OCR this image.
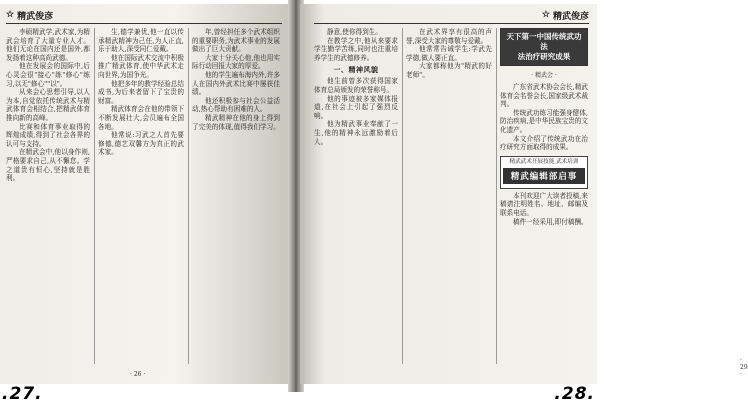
☆ 精武俊彦

李硕精武学,武术家,为精武会培育了大量专业人才。他们无论在国内还是国外,都发扬着这种高尚武德。

他在发展会的国际中,后心灵会很"接心"练"修心"练习,以无"修心""以"。

从来会心思想引导,以人为本,自觉依托传统武术与精武体育会相结合,把精武体育推向新的高峰。

比赛和体育事业取得的辉煌成绩,得到了社会各界的认可与支持。

在精武会中,他以身作则,严格要求自己,从不懈怠。学之道贵有恒心,坚持就是胜利。

生,德学兼优,他一直以传承精武精神为己任,为人正直,乐于助人,深受同仁爱戴。

他在国际武术交流中积极推广精武体育,使中华武术走向世界,为国争光。

他把多年的教学经验总结成书,为后来者留下了宝贵的财富。

精武体育会在他的带领下不断发展壮大,会员遍布全国各地。

他常说:习武之人首先要修德,德艺双馨方为真正的武术家。

年,曾经担任多个武术组织的重要职务,为武术事业的发展做出了巨大贡献。

大家十分关心他,他也用实际行动回报大家的厚爱。

他的学生遍布海内外,许多人在国内外武术比赛中屡获佳绩。

他还积极参与社会公益活动,热心帮助有困难的人。

精武精神在他的身上得到了完美的体现,值得我们学习。

· 26 ·
☆ 精武俊彦

静意,使你得到生。

在教学之中,他从来要求学生勤学苦练,同时也注重培养学生的武德修养。

一、精神风貌

他生前曾多次获得国家体育总局颁发的荣誉称号。

他的事迹被多家媒体报道,在社会上引起了强烈反响。

他为精武事业奉献了一生,他的精神永远激励着后人。

在武术界享有很高的声誉,深受大家的尊敬与爱戴。

他常常告诫学生:学武先学德,做人要正直。

大家都称他为"精武的好老师"。

天下第一中国传统武功法
法治疗研究成果
· 精武会 ·

广东省武术协会会长,精武体育会名誉会长,国家级武术裁判。

传统武功练习能强身健体,防治疾病,是中华民族宝贵的文化遗产。

本文介绍了传统武功在治疗研究方面取得的成果。

精武武术开展技能,武术培训
精武编辑部启事

本刊欢迎广大读者投稿,来稿请注明姓名、地址、邮编及联系电话。

稿件一经采用,即付稿酬。

· 29 ·
.27.	.28.
